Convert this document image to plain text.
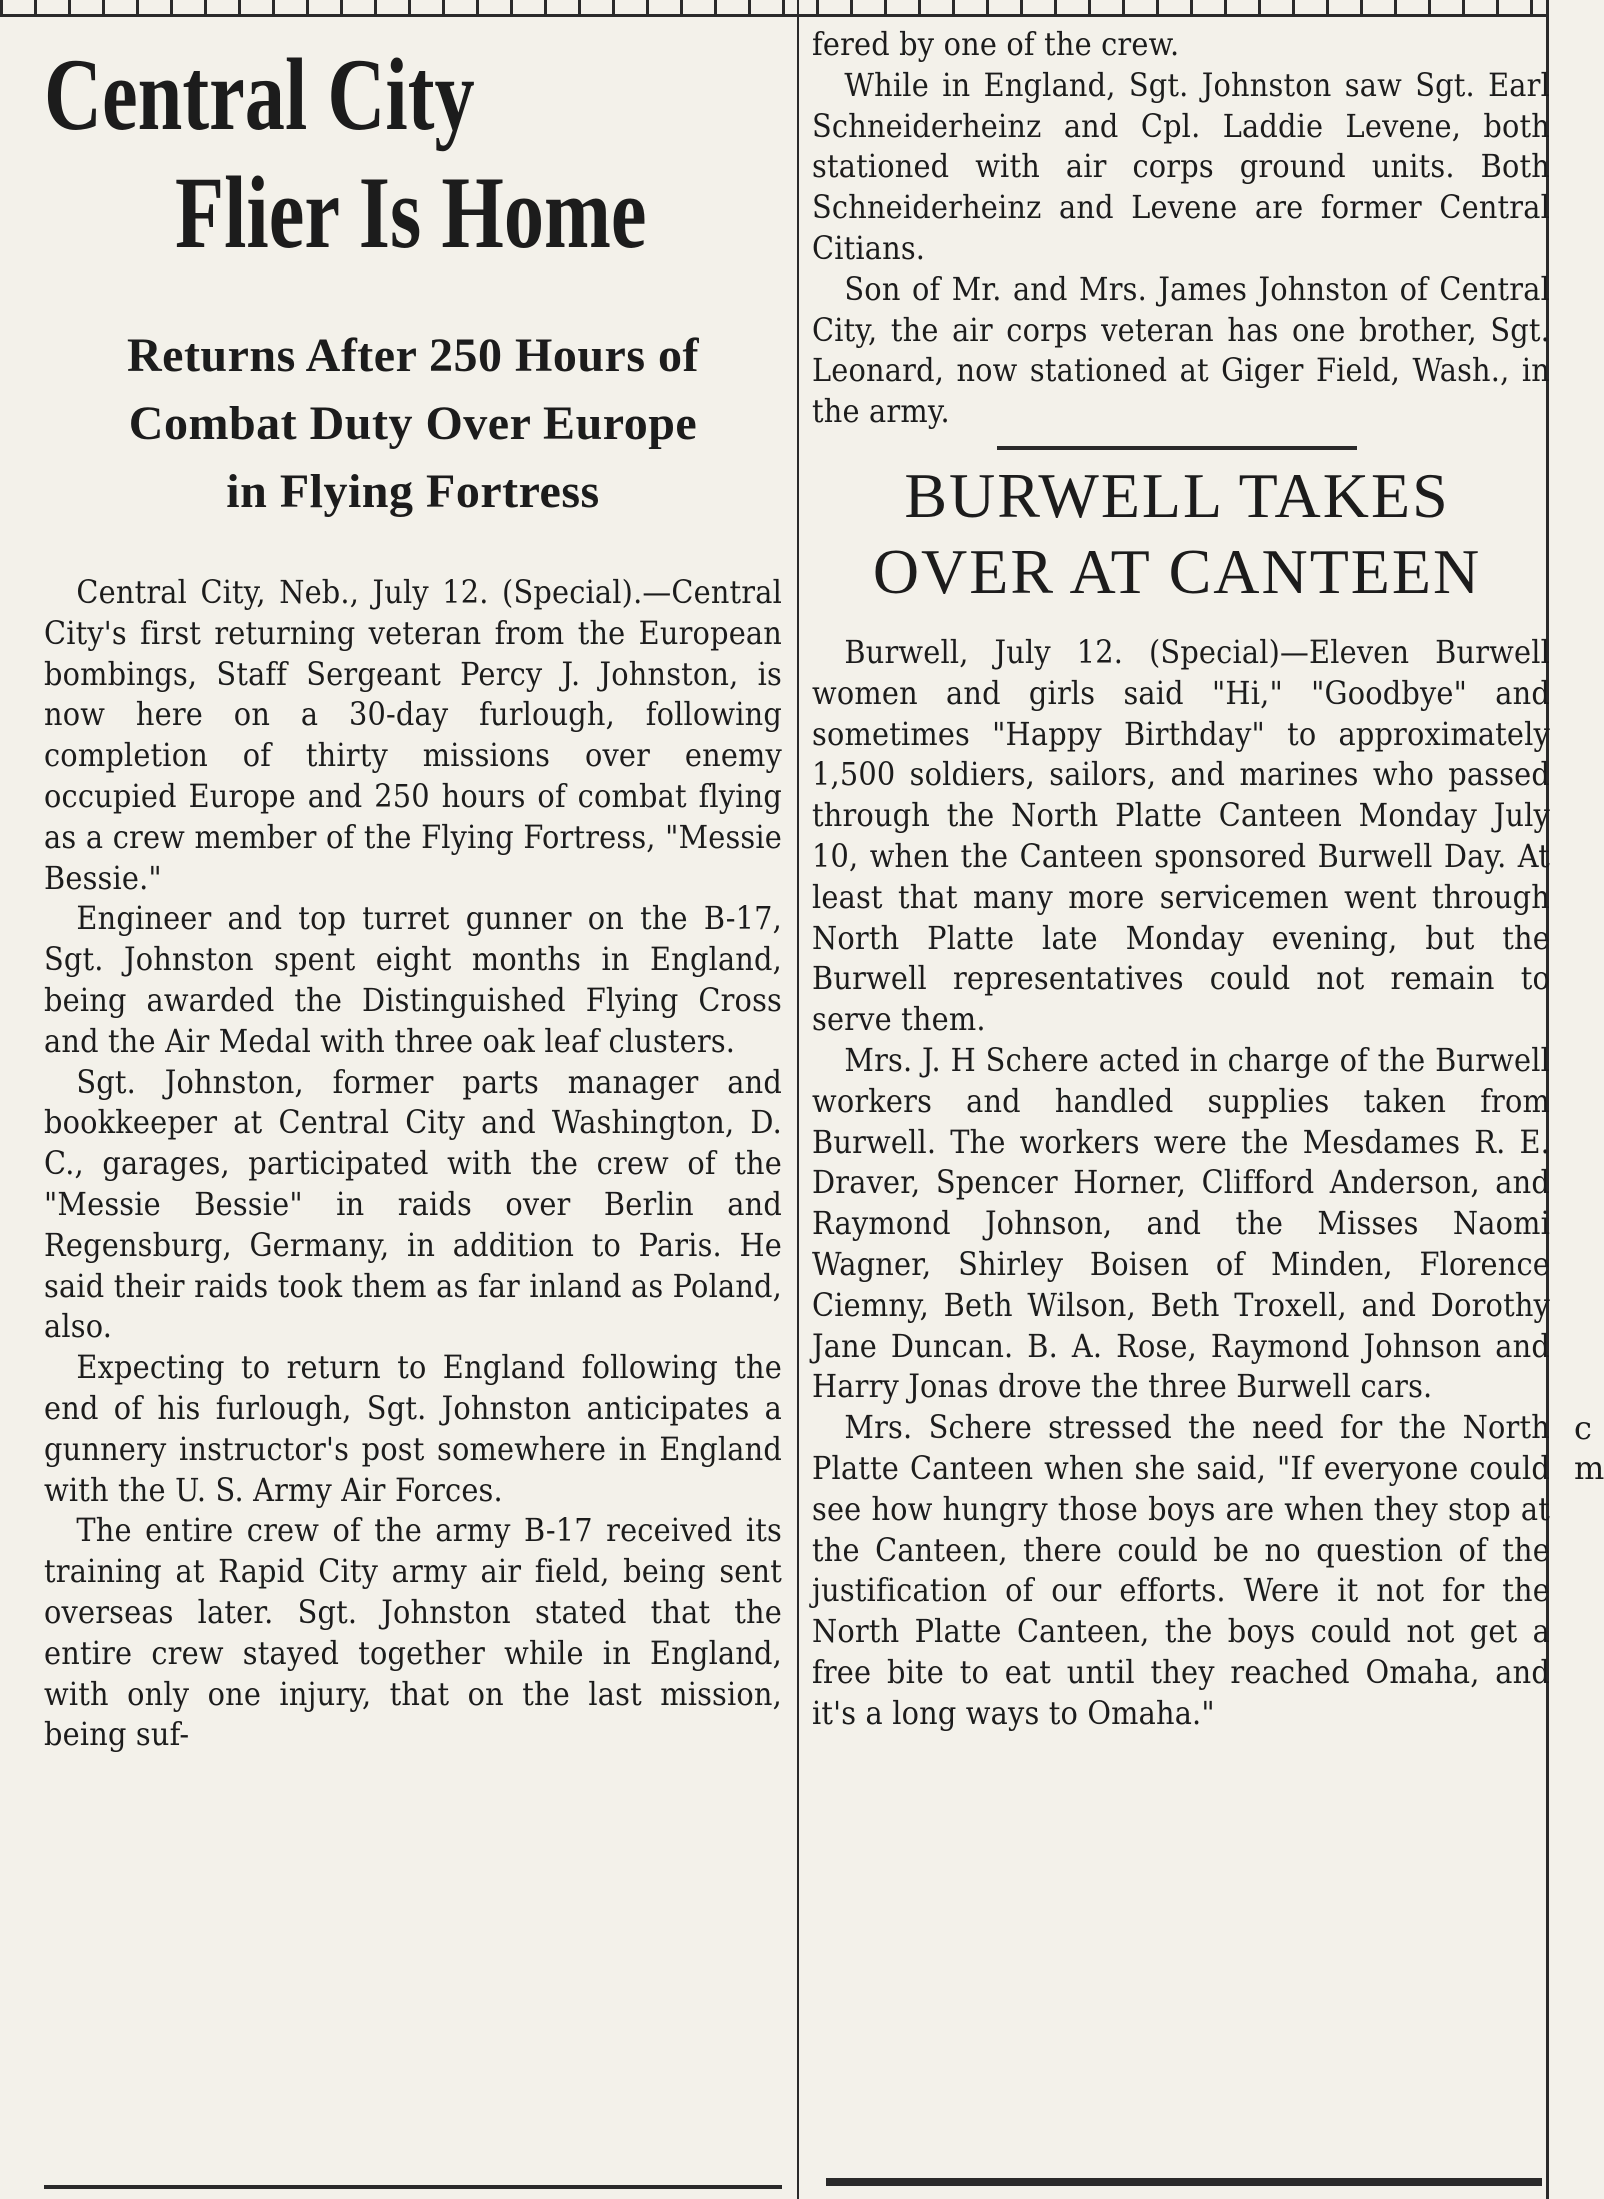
Central City
Flier Is Home
Returns After 250 Hours of
Combat Duty Over Europe
in Flying Fortress

Central City, Neb., July 12. (Special).—Central City's first returning veteran from the European bombings, Staff Sergeant Percy J. Johnston, is now here on a 30-day furlough, following completion of thirty missions over enemy occupied Europe and 250 hours of combat flying as a crew member of the Flying Fortress, "Messie Bessie."

Engineer and top turret gunner on the B-17, Sgt. Johnston spent eight months in England, being awarded the Distinguished Flying Cross and the Air Medal with three oak leaf clusters.

Sgt. Johnston, former parts manager and bookkeeper at Central City and Washington, D. C., garages, participated with the crew of the "Messie Bessie" in raids over Berlin and Regensburg, Germany, in addition to Paris. He said their raids took them as far inland as Poland, also.

Expecting to return to England following the end of his furlough, Sgt. Johnston anticipates a gunnery instructor's post somewhere in England with the U. S. Army Air Forces.

The entire crew of the army B-17 received its training at Rapid City army air field, being sent overseas later. Sgt. Johnston stated that the entire crew stayed together while in England, with only one injury, that on the last mission, being suf-

fered by one of the crew.

While in England, Sgt. Johnston saw Sgt. Earl Schneiderheinz and Cpl. Laddie Levene, both stationed with air corps ground units. Both Schneiderheinz and Levene are former Central Citians.

Son of Mr. and Mrs. James Johnston of Central City, the air corps veteran has one brother, Sgt. Leonard, now stationed at Giger Field, Wash., in the army.

BURWELL TAKES
OVER AT CANTEEN

Burwell, July 12. (Special)—Eleven Burwell women and girls said "Hi," "Goodbye" and sometimes "Happy Birthday" to approximately 1,500 soldiers, sailors, and marines who passed through the North Platte Canteen Monday July 10, when the Canteen sponsored Burwell Day. At least that many more servicemen went through North Platte late Monday evening, but the Burwell representatives could not remain to serve them.

Mrs. J. H Schere acted in charge of the Burwell workers and handled supplies taken from Burwell. The workers were the Mesdames R. E. Draver, Spencer Horner, Clifford Anderson, and Raymond Johnson, and the Misses Naomi Wagner, Shirley Boisen of Minden, Florence Ciemny, Beth Wilson, Beth Troxell, and Dorothy Jane Duncan. B. A. Rose, Raymond Johnson and Harry Jonas drove the three Burwell cars.

Mrs. Schere stressed the need for the North Platte Canteen when she said, "If everyone could see how hungry those boys are when they stop at the Canteen, there could be no question of the justification of our efforts. Were it not for the North Platte Canteen, the boys could not get a free bite to eat until they reached Omaha, and it's a long ways to Omaha."

c
m
